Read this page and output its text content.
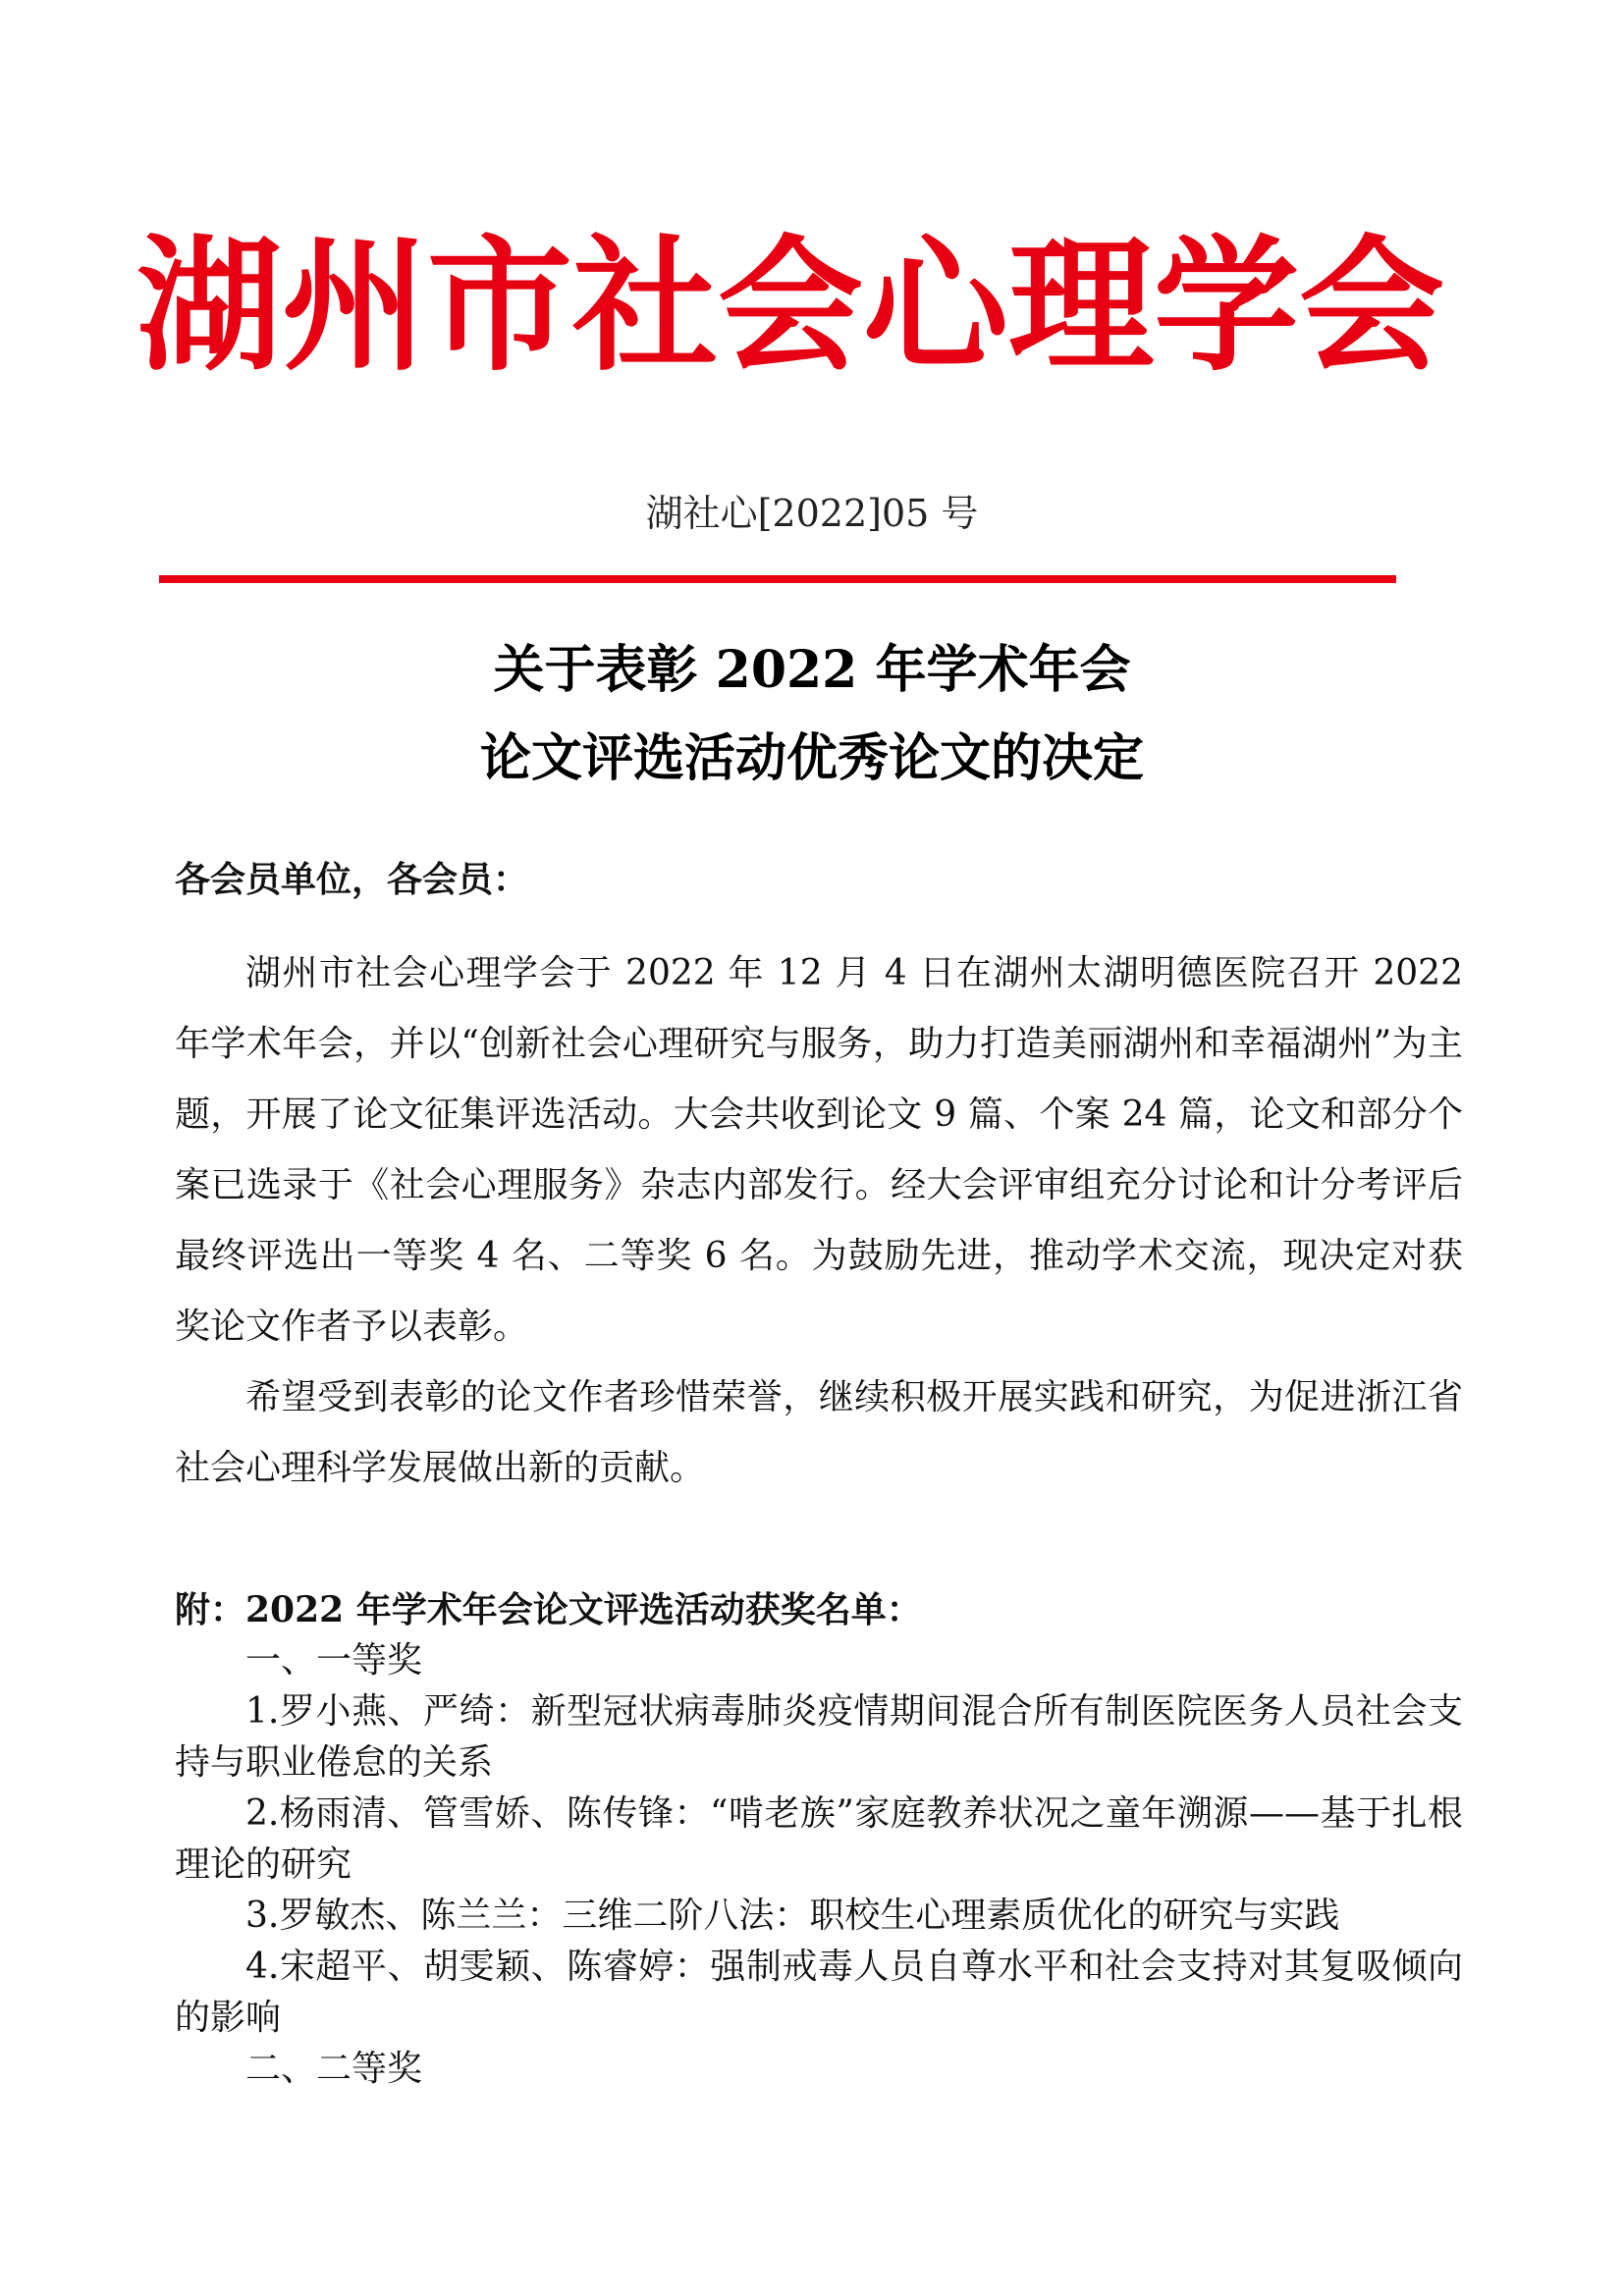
湖州市社会心理学会
湖社心[2022]05 号
关于表彰 2022 年学术年会
论文评选活动优秀论文的决定
各会员单位，各会员：

湖州市社会心理学会于 2022 年 12 月 4 日在湖州太湖明德医院召开 2022 年学术年会，并以“创新社会心理研究与服务，助力打造美丽湖州和幸福湖州”为主题，开展了论文征集评选活动。大会共收到论文 9 篇、个案 24 篇，论文和部分个案已选录于《社会心理服务》杂志内部发行。经大会评审组充分讨论和计分考评后最终评选出一等奖 4 名、二等奖 6 名。为鼓励先进，推动学术交流，现决定对获奖论文作者予以表彰。

希望受到表彰的论文作者珍惜荣誉，继续积极开展实践和研究，为促进浙江省社会心理科学发展做出新的贡献。

附：2022 年学术年会论文评选活动获奖名单：

一、一等奖

1.罗小燕、严绮：新型冠状病毒肺炎疫情期间混合所有制医院医务人员社会支持与职业倦怠的关系

2.杨雨清、管雪娇、陈传锋：“啃老族”家庭教养状况之童年溯源——基于扎根理论的研究

3.罗敏杰、陈兰兰：三维二阶八法：职校生心理素质优化的研究与实践

4.宋超平、胡雯颖、陈睿婷：强制戒毒人员自尊水平和社会支持对其复吸倾向的影响

二、二等奖
